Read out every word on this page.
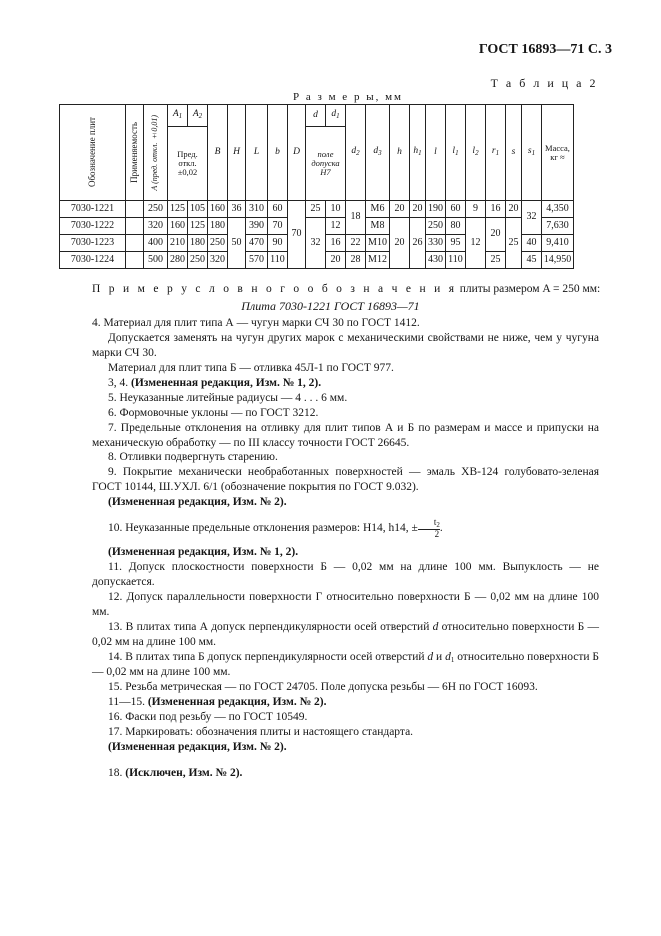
ГОСТ 16893—71 С. 3
Т а б л и ц а 2
Р а з м е р ы, мм
Обозначение плит	Применяемость	A (пред. откл. ±0,01)	$A_1$	$A_2$	B	H	L	b	D	d	$d_1$	$d_2$	$d_3$	h	$h_1$	l	$l_1$	$l_2$	$r_1$	s	$s_1$	Масса, кг ≈
			Пред. откл. ±0,02							поле допуска H7												

7030-1221		250	125	105	160	36	310	60	70	25	10	18	M6	20	20	190	60	9	16	20	32	4,350
7030-1222		320	160	125	180	50	390	70		32	12		M8	20	26	250	80	12	20	25		7,630
7030-1223		400	210	180	250		470	90			16	22	M10			330	95				40	9,410
7030-1224		500	280	250	320		570	110			20	28	M12			430	110		25		45	14,950
П р и м е р у с л о в н о г о о б о з н а ч е н и я плиты размером A = 250 мм:
Плита 7030-1221 ГОСТ 16893—71
4. Материал для плит типа А — чугун марки СЧ 30 по ГОСТ 1412.
Допускается заменять на чугун других марок с механическими свойствами не ниже, чем у чугуна марки СЧ 30.
Материал для плит типа Б — отливка 45Л-1 по ГОСТ 977.
3, 4. (Измененная редакция, Изм. № 1, 2).
5. Неуказанные литейные радиусы — 4 . . . 6 мм.
6. Формовочные уклоны — по ГОСТ 3212.
7. Предельные отклонения на отливку для плит типов А и Б по размерам и массе и припуски на механическую обработку — по III классу точности ГОСТ 26645.
8. Отливки подвергнуть старению.
9. Покрытие механически необработанных поверхностей — эмаль ХВ-124 голубовато-зеленая ГОСТ 10144, Ш.УХЛ. 6/1 (обозначение покрытия по ГОСТ 9.032).
(Измененная редакция, Изм. № 2).
10. Неуказанные предельные отклонения размеров: H14, h14, ± $\frac{t_2}{2}$ .
(Измененная редакция, Изм. № 1, 2).
11. Допуск плоскостности поверхности Б — 0,02 мм на длине 100 мм. Выпуклость — не допускается.
12. Допуск параллельности поверхности Г относительно поверхности Б — 0,02 мм на длине 100 мм.
13. В плитах типа А допуск перпендикулярности осей отверстий d относительно поверхности Б — 0,02 мм на длине 100 мм.
14. В плитах типа Б допуск перпендикулярности осей отверстий d и $d_1$ относительно поверхности Б — 0,02 мм на длине 100 мм.
15. Резьба метрическая — по ГОСТ 24705. Поле допуска резьбы — 6Н по ГОСТ 16093.
11—15. (Измененная редакция, Изм. № 2).
16. Фаски под резьбу — по ГОСТ 10549.
17. Маркировать: обозначения плиты и настоящего стандарта.
(Измененная редакция, Изм. № 2).
18. (Исключен, Изм. № 2).
